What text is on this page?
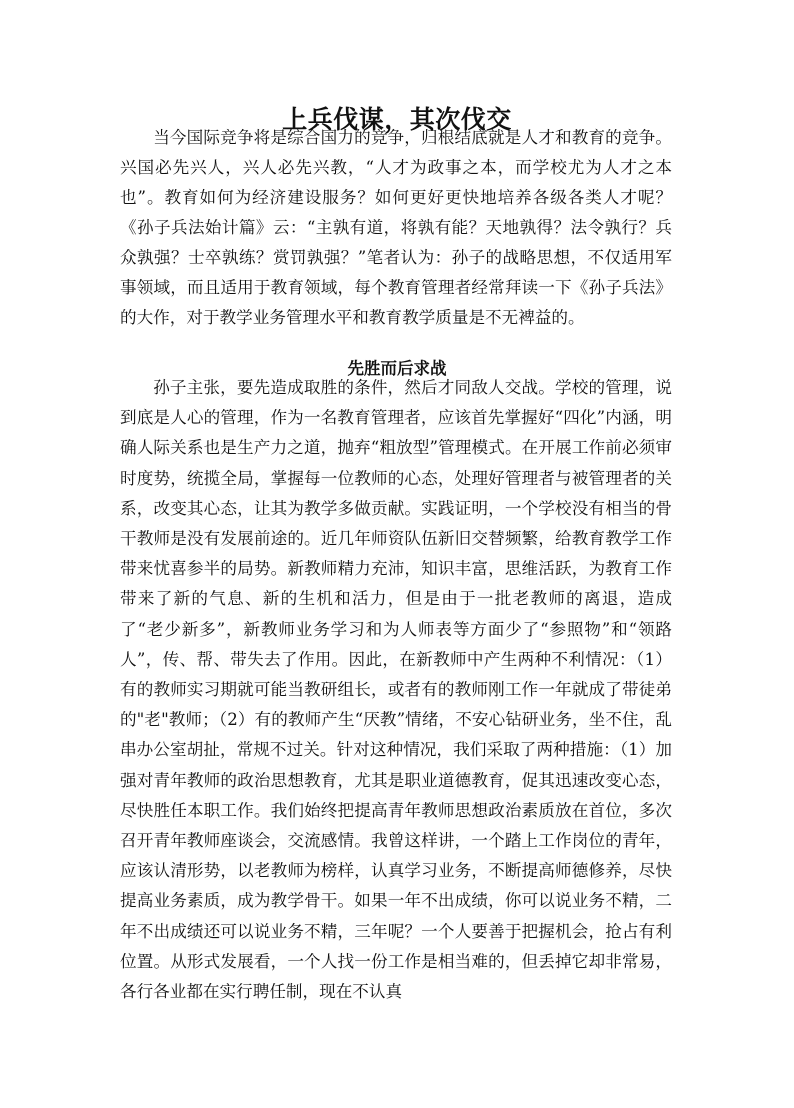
上兵伐谋，其次伐交

当今国际竞争将是综合国力的竞争，归根结底就是人才和教育的竞争。兴国必先兴人，兴人必先兴教，“人才为政事之本，而学校尤为人才之本也”。教育如何为经济建设服务？如何更好更快地培养各级各类人才呢？《孙子兵法始计篇》云：“主孰有道，将孰有能？天地孰得？法令孰行？兵众孰强？士卒孰练？赏罚孰强？”笔者认为：孙子的战略思想，不仅适用军事领域，而且适用于教育领域，每个教育管理者经常拜读一下《孙子兵法》的大作，对于教学业务管理水平和教育教学质量是不无裨益的。

先胜而后求战

孙子主张，要先造成取胜的条件，然后才同敌人交战。学校的管理，说到底是人心的管理，作为一名教育管理者，应该首先掌握好“四化”内涵，明确人际关系也是生产力之道，抛弃“粗放型”管理模式。在开展工作前必须审时度势，统揽全局，掌握每一位教师的心态，处理好管理者与被管理者的关系，改变其心态，让其为教学多做贡献。实践证明，一个学校没有相当的骨干教师是没有发展前途的。近几年师资队伍新旧交替频繁，给教育教学工作带来忧喜参半的局势。新教师精力充沛，知识丰富，思维活跃，为教育工作带来了新的气息、新的生机和活力，但是由于一批老教师的离退，造成了“老少新多”，新教师业务学习和为人师表等方面少了“参照物”和“领路人”，传、帮、带失去了作用。因此，在新教师中产生两种不利情况：（1）有的教师实习期就可能当教研组长，或者有的教师刚工作一年就成了带徒弟的"老"教师；（2）有的教师产生“厌教”情绪，不安心钻研业务，坐不住，乱串办公室胡扯，常规不过关。针对这种情况，我们采取了两种措施：（1）加强对青年教师的政治思想教育，尤其是职业道德教育，促其迅速改变心态，尽快胜任本职工作。我们始终把提高青年教师思想政治素质放在首位，多次召开青年教师座谈会，交流感情。我曾这样讲，一个踏上工作岗位的青年，应该认清形势，以老教师为榜样，认真学习业务，不断提高师德修养，尽快提高业务素质，成为教学骨干。如果一年不出成绩，你可以说业务不精，二年不出成绩还可以说业务不精，三年呢？一个人要善于把握机会，抢占有利位置。从形式发展看，一个人找一份工作是相当难的，但丢掉它却非常易，各行各业都在实行聘任制，现在不认真
